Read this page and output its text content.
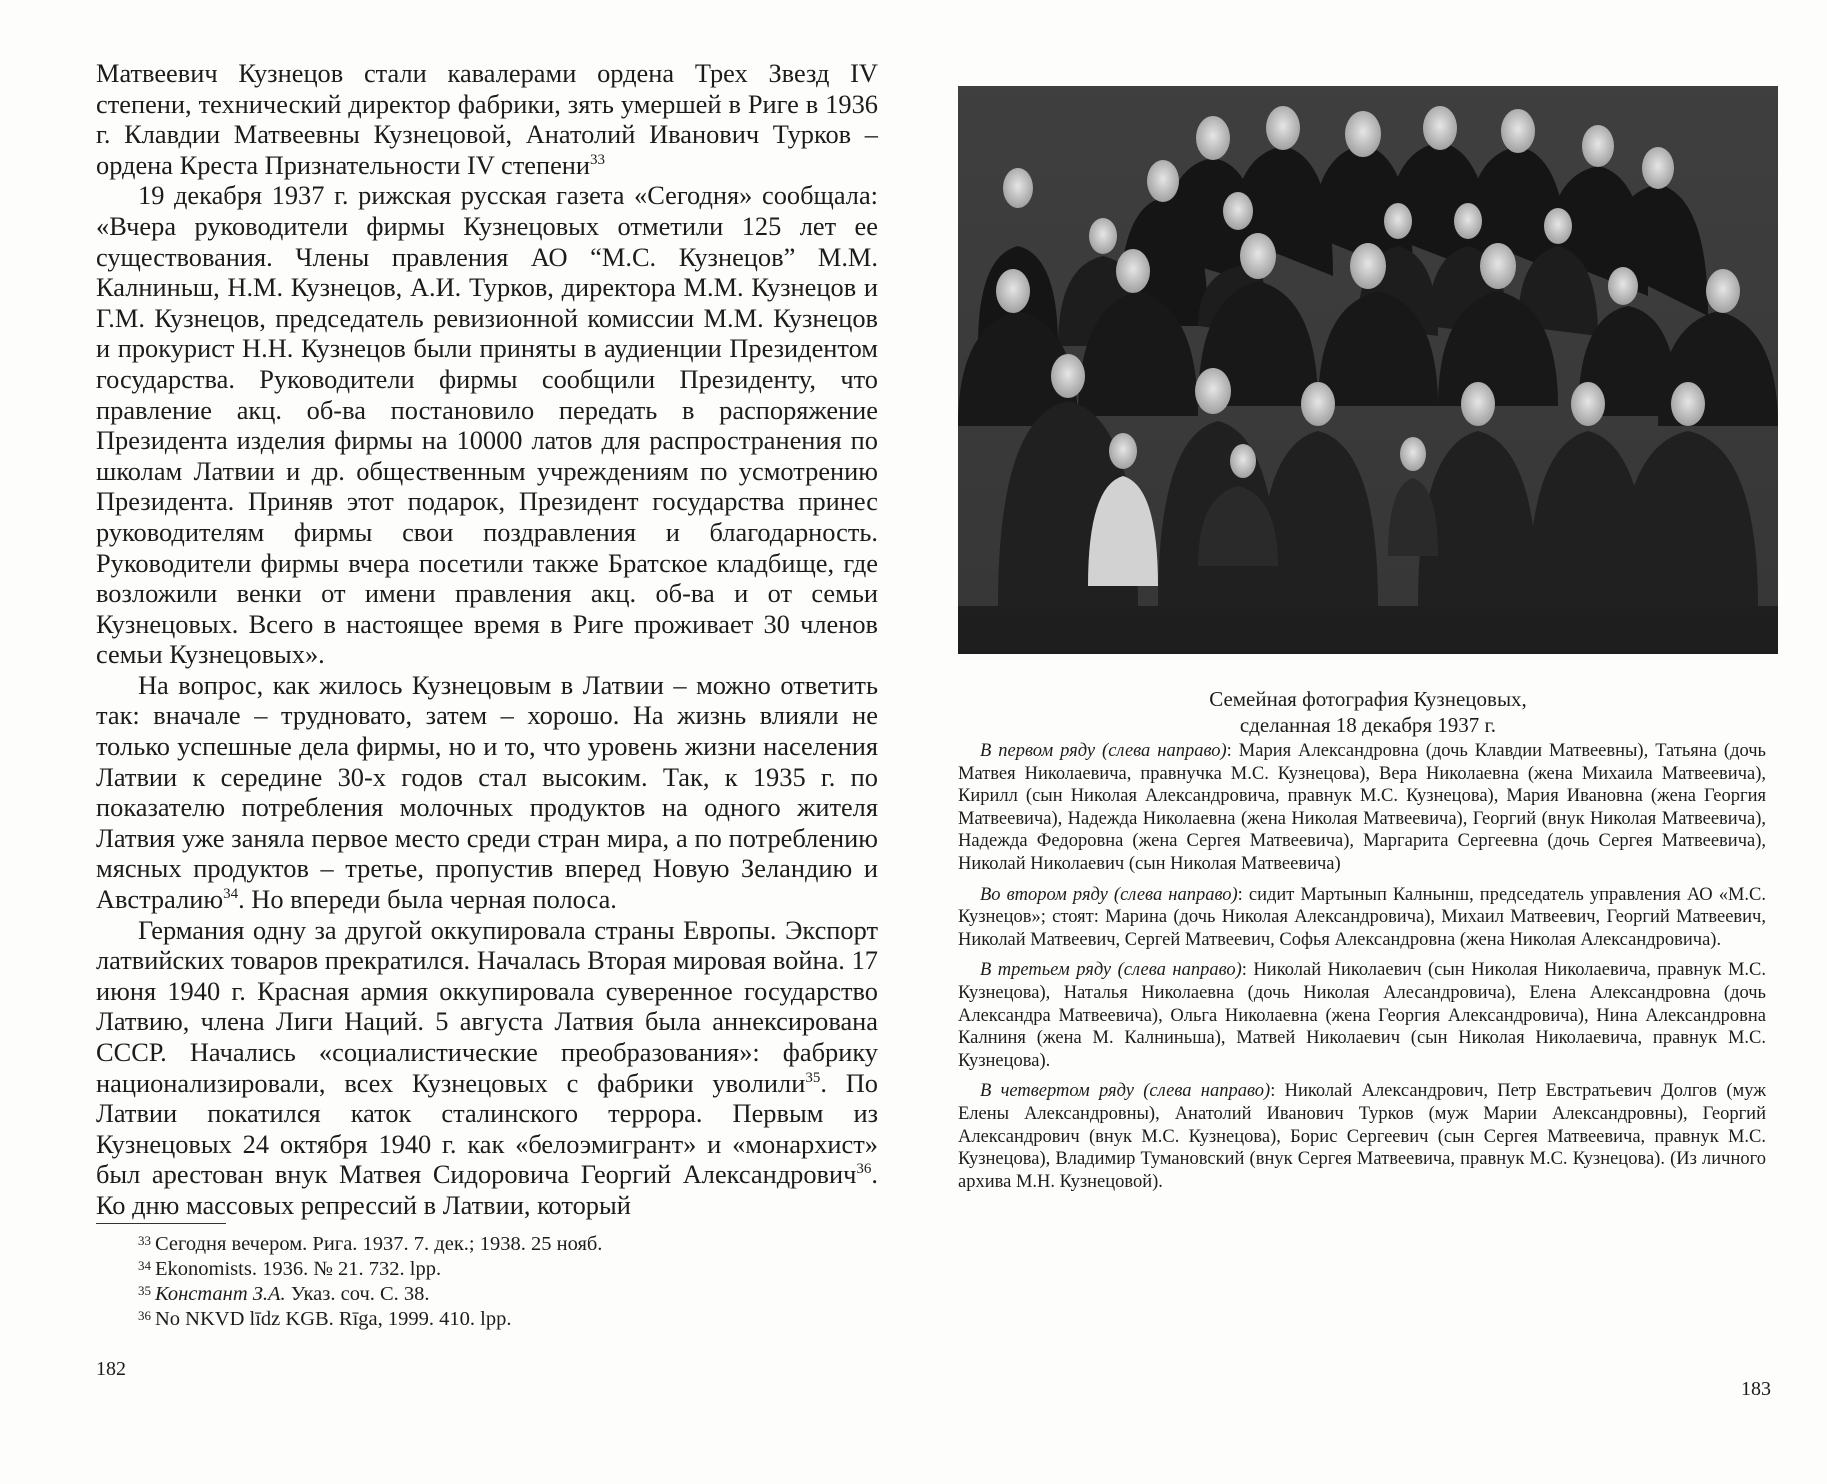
Матвеевич Кузнецов стали кавалерами ордена Трех Звезд IV степени, технический директор фабрики, зять умершей в Риге в 1936 г. Клавдии Матвеевны Кузнецовой, Анатолий Иванович Турков – ордена Креста Признательности IV степени$^{33}$

19 декабря 1937 г. рижская русская газета «Сегодня» сообщала: «Вчера руководители фирмы Кузнецовых отметили 125 лет ее существования. Члены правления АО “М.С. Кузнецов” М.М. Калниньш, Н.М. Кузнецов, А.И. Турков, директора М.М. Кузнецов и Г.М. Кузнецов, председатель ревизионной комиссии М.М. Кузнецов и прокурист Н.Н. Кузнецов были приняты в аудиенции Президентом государства. Руководители фирмы сообщили Президенту, что правление акц. об-ва постановило передать в распоряжение Президента изделия фирмы на 10000 латов для распространения по школам Латвии и др. общественным учреждениям по усмотрению Президента. Приняв этот подарок, Президент государства принес руководителям фирмы свои поздравления и благодарность. Руководители фирмы вчера посетили также Братское кладбище, где возложили венки от имени правления акц. об-ва и от семьи Кузнецовых. Всего в настоящее время в Риге проживает 30 членов семьи Кузнецовых».

На вопрос, как жилось Кузнецовым в Латвии – можно ответить так: вначале – трудновато, затем – хорошо. На жизнь влияли не только успешные дела фирмы, но и то, что уровень жизни населения Латвии к середине 30-х годов стал высоким. Так, к 1935 г. по показателю потребления молочных продуктов на одного жителя Латвия уже заняла первое место среди стран мира, а по потреблению мясных продуктов – третье, пропустив вперед Новую Зеландию и Австралию$^{34}$. Но впереди была черная полоса.

Германия одну за другой оккупировала страны Европы. Экспорт латвийских товаров прекратился. Началась Вторая мировая война. 17 июня 1940 г. Красная армия оккупировала суверенное государство Латвию, члена Лиги Наций. 5 августа Латвия была аннексирована СССР. Начались «социалистические преобразования»: фабрику национализировали, всех Кузнецовых с фабрики уволили$^{35}$. По Латвии покатился каток сталинского террора. Первым из Кузнецовых 24 октября 1940 г. как «белоэмигрант» и «монархист» был арестован внук Матвея Сидоровича Георгий Александрович$^{36}$. Ко дню массовых репрессий в Латвии, который

$^{33}$ Сегодня вечером. Рига. 1937. 7. дек.; 1938. 25 нояб.

$^{34}$ Ekonomists. 1936. № 21. 732. lpp.

$^{35}$ Констант З.А. Указ. соч. С. 38.

$^{36}$ No NKVD līdz KGB. Rīga, 1999. 410. lpp.

182
Семейная фотография Кузнецовых,
сделанная 18 декабря 1937 г.

В первом ряду (слева направо): Мария Александровна (дочь Клавдии Матвеевны), Татьяна (дочь Матвея Николаевича, правнучка М.С. Кузнецова), Вера Николаевна (жена Михаила Матвеевича), Кирилл (сын Николая Александровича, правнук М.С. Кузнецова), Мария Ивановна (жена Георгия Матвеевича), Надежда Николаевна (жена Николая Матвеевича), Георгий (внук Николая Матвеевича), Надежда Федоровна (жена Сергея Матвеевича), Маргарита Сергеевна (дочь Сергея Матвеевича), Николай Николаевич (сын Николая Матвеевича)

Во втором ряду (слева направо): сидит Мартынып Калнынш, председатель управления АО «М.С. Кузнецов»; стоят: Марина (дочь Николая Александровича), Михаил Матвеевич, Георгий Матвеевич, Николай Матвеевич, Сергей Матвеевич, Софья Александровна (жена Николая Александровича).

В третьем ряду (слева направо): Николай Николаевич (сын Николая Николаевича, правнук М.С. Кузнецова), Наталья Николаевна (дочь Николая Алесандровича), Елена Александровна (дочь Александра Матвеевича), Ольга Николаевна (жена Георгия Александровича), Нина Александровна Калниня (жена М. Калниньша), Матвей Николаевич (сын Николая Николаевича, правнук М.С. Кузнецова).

В четвертом ряду (слева направо): Николай Александрович, Петр Евстратьевич Долгов (муж Елены Александровны), Анатолий Иванович Турков (муж Марии Александровны), Георгий Александрович (внук М.С. Кузнецова), Борис Сергеевич (сын Сергея Матвеевича, правнук М.С. Кузнецова), Владимир Тумановский (внук Сергея Матвеевича, правнук М.С. Кузнецова). (Из личного архива М.Н. Кузнецовой).

183
